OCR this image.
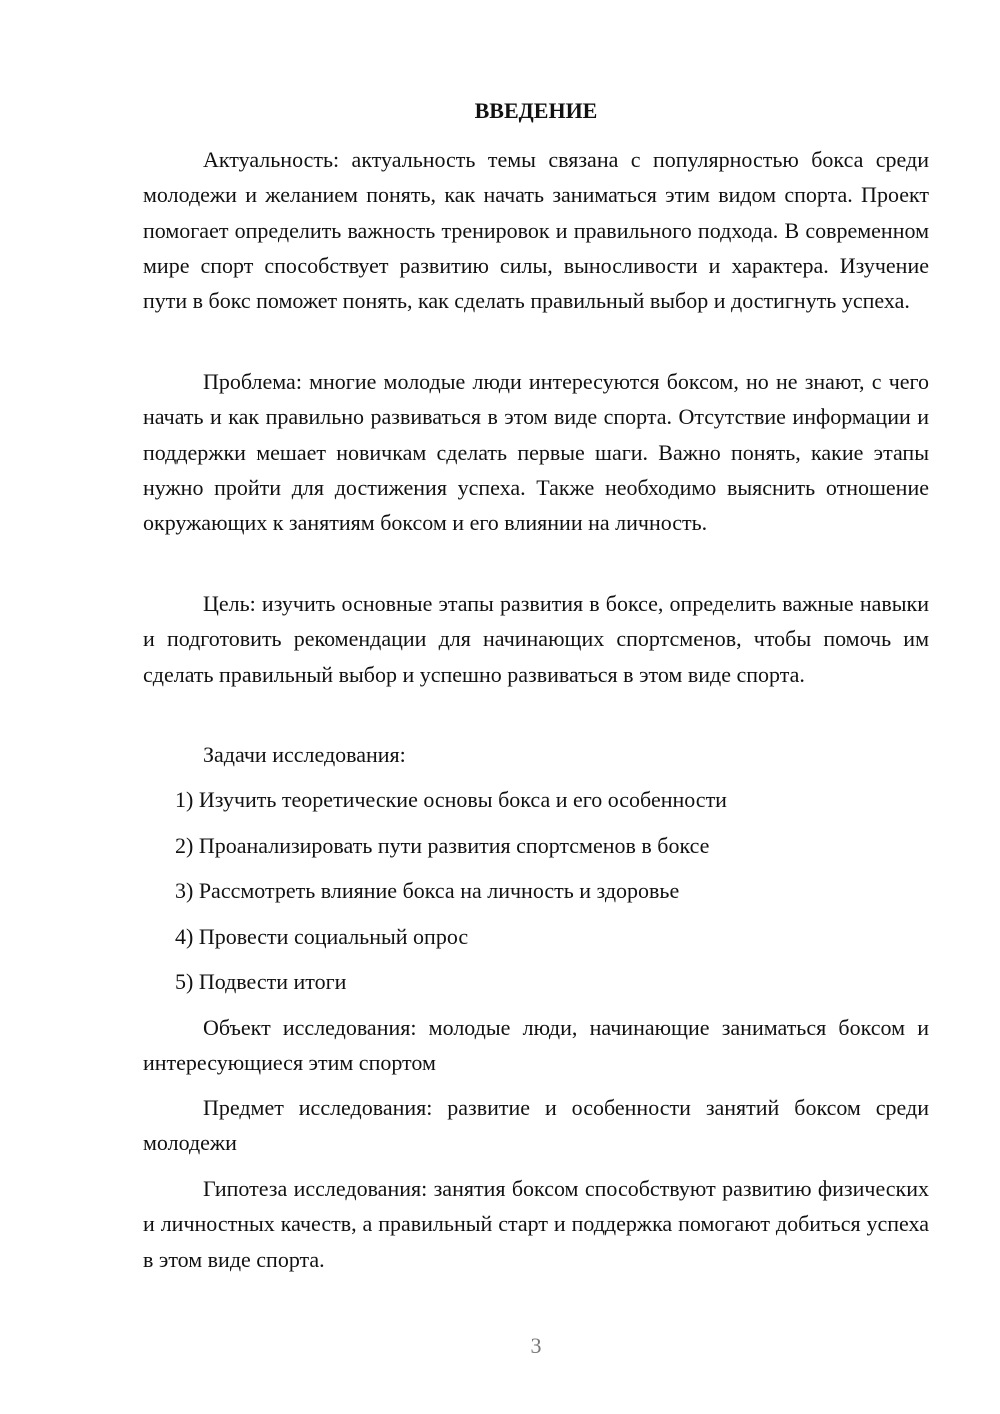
ВВЕДЕНИЕ

Актуальность: актуальность темы связана с популярностью бокса среди молодежи и желанием понять, как начать заниматься этим видом спорта. Проект помогает определить важность тренировок и правильного подхода. В современном мире спорт способствует развитию силы, выносливости и характера. Изучение пути в бокс поможет понять, как сделать правильный выбор и достигнуть успеха.

Проблема: многие молодые люди интересуются боксом, но не знают, с чего начать и как правильно развиваться в этом виде спорта. Отсутствие информации и поддержки мешает новичкам сделать первые шаги. Важно понять, какие этапы нужно пройти для достижения успеха. Также необходимо выяснить отношение окружающих к занятиям боксом и его влиянии на личность.

Цель: изучить основные этапы развития в боксе, определить важные навыки и подготовить рекомендации для начинающих спортсменов, чтобы помочь им сделать правильный выбор и успешно развиваться в этом виде спорта.

Задачи исследования:

1) Изучить теоретические основы бокса и его особенности
2) Проанализировать пути развития спортсменов в боксе
3) Рассмотреть влияние бокса на личность и здоровье
4) Провести социальный опрос
5) Подвести итоги

Объект исследования: молодые люди, начинающие заниматься боксом и интересующиеся этим спортом

Предмет исследования: развитие и особенности занятий боксом среди молодежи

Гипотеза исследования: занятия боксом способствуют развитию физических и личностных качеств, а правильный старт и поддержка помогают добиться успеха в этом виде спорта.

3
